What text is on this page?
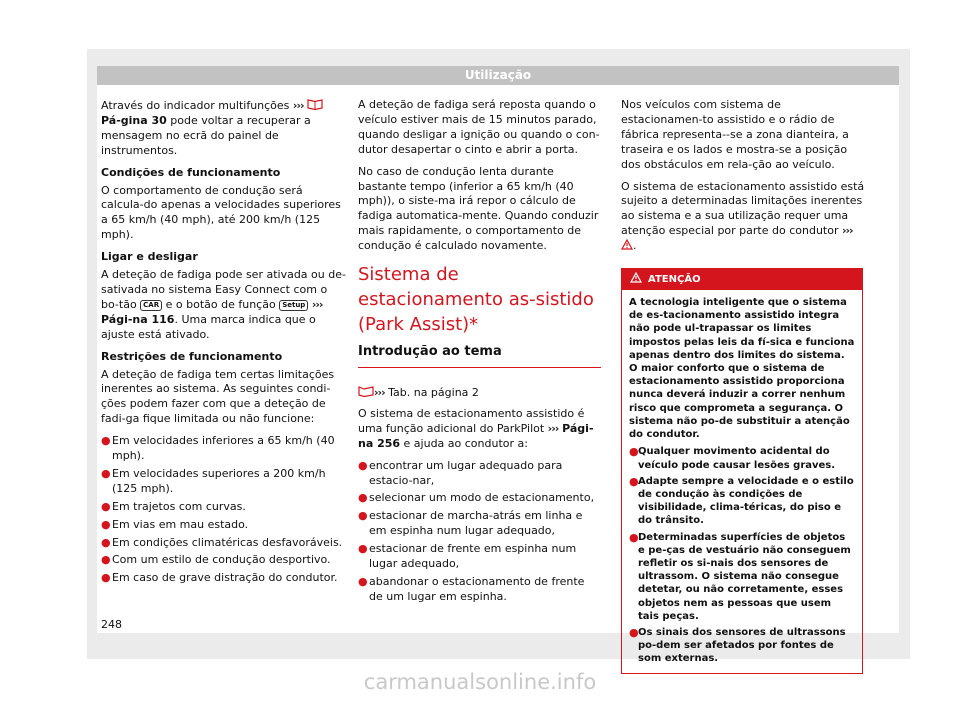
Utilização

Através do indicador multifunções ›››  Pá-gina 30 pode voltar a recuperar a mensagem no ecrã do painel de instrumentos.

Condições de funcionamento

O comportamento de condução será calcula-do apenas a velocidades superiores a 65 km/h (40 mph), até 200 km/h (125 mph).

Ligar e desligar

A deteção de fadiga pode ser ativada ou de-sativada no sistema Easy Connect com o bo-tão CAR e o botão de função Setup ››› Pági-na 116. Uma marca indica que o ajuste está ativado.

Restrições de funcionamento

A deteção de fadiga tem certas limitações inerentes ao sistema. As seguintes condi-ções podem fazer com que a deteção de fadi-ga fique limitada ou não funcione:

● Em velocidades inferiores a 65 km/h (40 mph).
● Em velocidades superiores a 200 km/h (125 mph).
● Em trajetos com curvas.
● Em vias em mau estado.
● Em condições climatéricas desfavoráveis.
● Com um estilo de condução desportivo.
● Em caso de grave distração do condutor.

A deteção de fadiga será reposta quando o veículo estiver mais de 15 minutos parado, quando desligar a ignição ou quando o con-dutor desapertar o cinto e abrir a porta.

No caso de condução lenta durante bastante tempo (inferior a 65 km/h (40 mph)), o siste-ma irá repor o cálculo de fadiga automatica-mente. Quando conduzir mais rapidamente, o comportamento de condução é calculado novamente.

Sistema de estacionamento as-sistido (Park Assist)*
Introdução ao tema

››› Tab. na página 2

O sistema de estacionamento assistido é uma função adicional do ParkPilot ››› Pági-na 256 e ajuda ao condutor a:

● encontrar um lugar adequado para estacio-nar,
● selecionar um modo de estacionamento,
● estacionar de marcha-atrás em linha e em espinha num lugar adequado,
● estacionar de frente em espinha num lugar adequado,
● abandonar o estacionamento de frente de um lugar em espinha.

Nos veículos com sistema de estacionamen-to assistido e o rádio de fábrica representa--se a zona dianteira, a traseira e os lados e mostra-se a posição dos obstáculos em rela-ção ao veículo.

O sistema de estacionamento assistido está sujeito a determinadas limitações inerentes ao sistema e a sua utilização requer uma atenção especial por parte do condutor ››› .

ATENÇÃO

A tecnologia inteligente que o sistema de es-tacionamento assistido integra não pode ul-trapassar os limites impostos pelas leis da fí-sica e funciona apenas dentro dos limites do sistema. O maior conforto que o sistema de estacionamento assistido proporciona nunca deverá induzir a correr nenhum risco que comprometa a segurança. O sistema não po-de substituir a atenção do condutor.

● Qualquer movimento acidental do veículo pode causar lesões graves.
● Adapte sempre a velocidade e o estilo de condução às condições de visibilidade, clima-téricas, do piso e do trânsito.
● Determinadas superfícies de objetos e pe-ças de vestuário não conseguem refletir os si-nais dos sensores de ultrassom. O sistema não consegue detetar, ou não corretamente, esses objetos nem as pessoas que usem tais peças.
● Os sinais dos sensores de ultrassons po-dem ser afetados por fontes de som externas.
248
carmanualsonline.info
